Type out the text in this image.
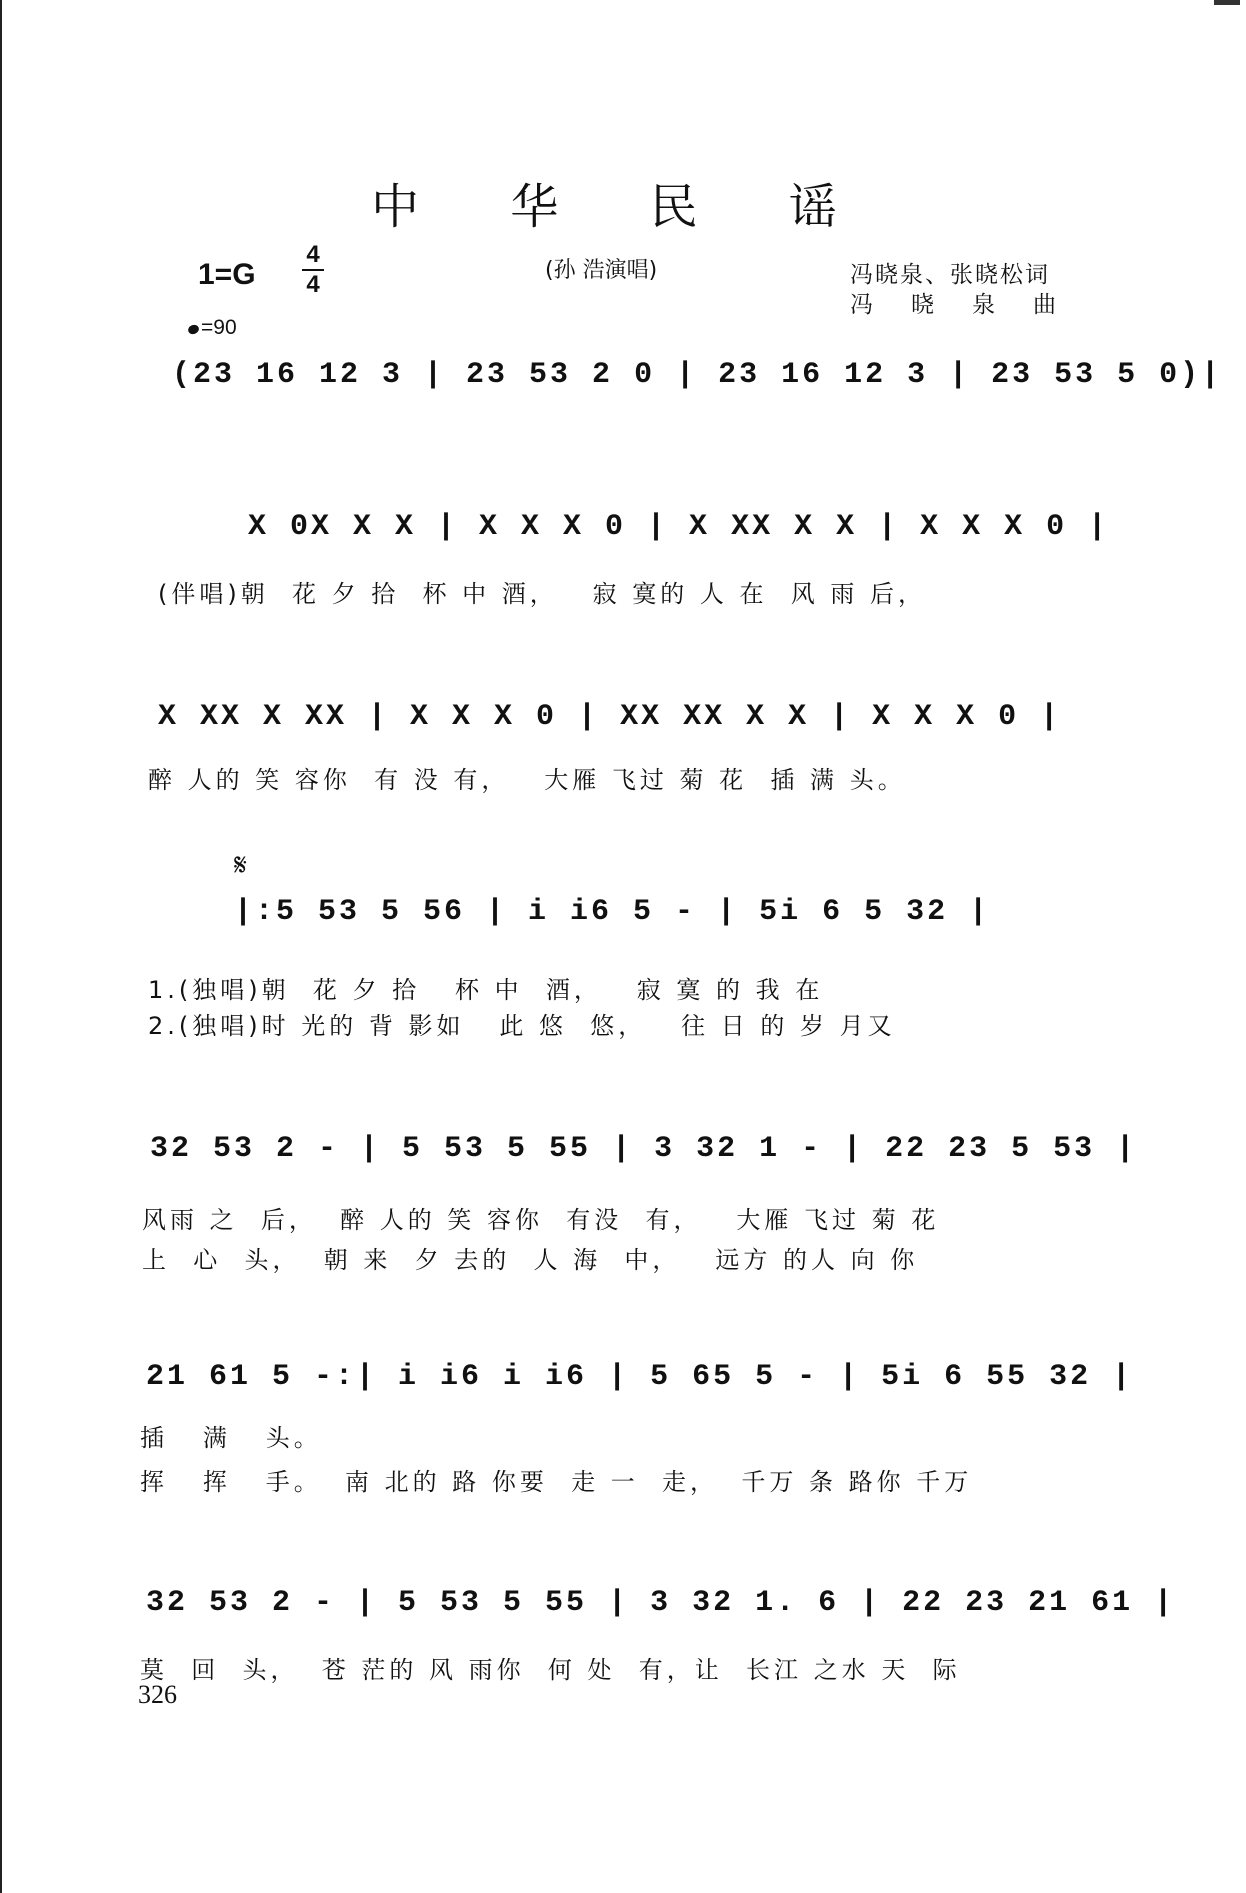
中 华 民 谣
(孙 浩演唱)	冯晓泉、张晓松词
冯晓泉曲
1=G
4
4
=90
𝄋
(23 16 12 3 | 23 53 2 0 | 23 16 12 3 | 23 53 5 0)|
X 0X X X | X X X 0 | X XX X X | X X X 0 |
(伴唱)朝  花 夕 拾  杯 中 酒，   寂 寞的 人 在  风 雨 后，
X XX X XX | X X X 0 | XX XX X X | X X X 0 |
醉 人的 笑 容你  有 没 有，   大雁 飞过 菊 花  插 满 头。
|:5 53 5 56 | i i6 5 - | 5i 6 5 32 |
1.(独唱)朝  花 夕 拾   杯 中  酒，   寂 寞 的 我 在
2.(独唱)时 光的 背 影如   此 悠  悠，   往 日 的 岁 月又
32 53 2 - | 5 53 5 55 | 3 32 1 - | 22 23 5 53 |
风雨 之  后，  醉 人的 笑 容你  有没  有，   大雁 飞过 菊 花
上  心  头，  朝 来  夕 去的  人 海  中，   远方 的人 向 你
21 61 5 -:| i i6 i i6 | 5 65 5 - | 5i 6 55 32 |
插   满   头。
挥   挥   手。  南 北的 路 你要  走 一  走，  千万 条 路你 千万
32 53 2 - | 5 53 5 55 | 3 32 1. 6 | 22 23 21 61 |
莫  回  头，  苍 茫的 风 雨你  何 处  有，让  长江 之水 天  际
326
